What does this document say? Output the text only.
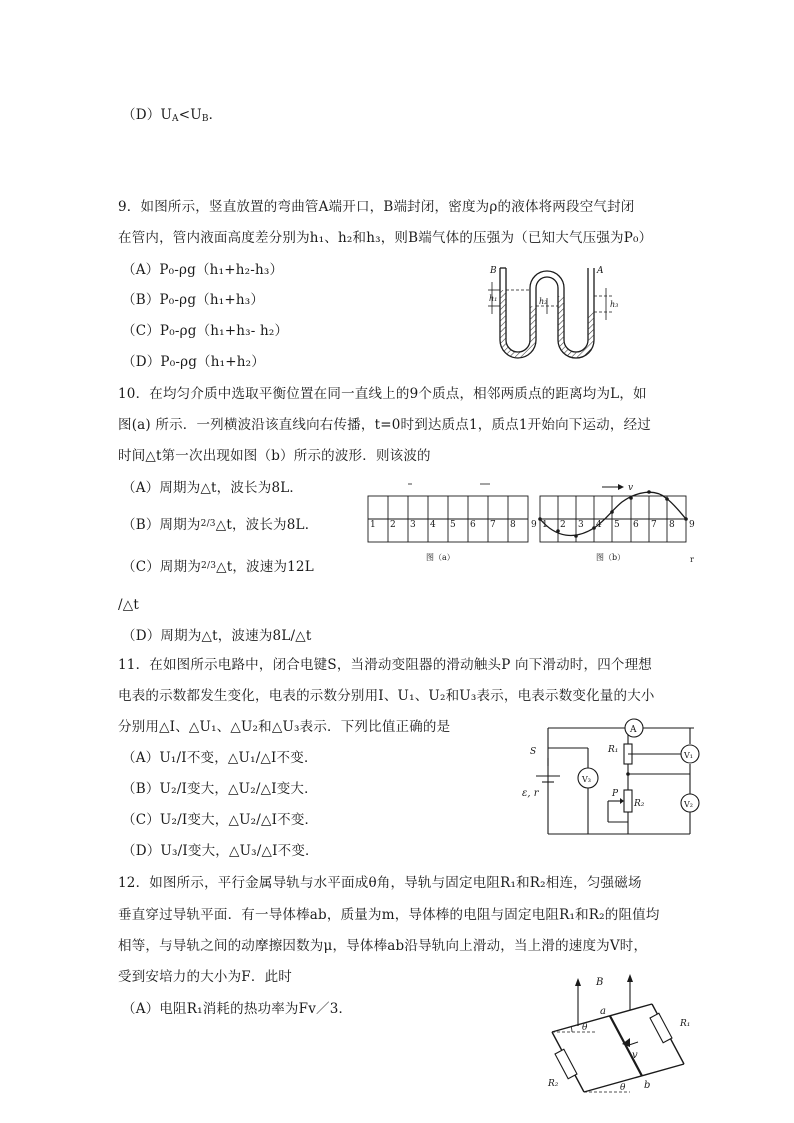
$(D)U_A<U_B$．

9．如图所示，竖直放置的弯曲管A端开口，B端封闭，密度为ρ的液体将两段空气封闭

在管内，管内液面高度差分别为h₁、h₂和h₃，则B端气体的压强为（已知大气压强为P₀）

（A）P₀-ρg（h₁+h₂-h₃）

（B）P₀-ρg（h₁+h₃）

（C）P₀-ρg（h₁+h₃- h₂）

（D）P₀-ρg（h₁+h₂）

B	A
h₁	h₂	h₃

10．在均匀介质中选取平衡位置在同一直线上的9个质点，相邻两质点的距离均为L，如

图(a) 所示．一列横波沿该直线向右传播，t=0时到达质点1，质点1开始向下运动，经过

时间△t第一次出现如图（b）所示的波形．则该波的

（A）周期为△t，波长为8L．

（B）周期为$^{2/3}$△t，波长为8L．

（C）周期为$^{2/3}$△t，波速为12L

/△t

（D）周期为△t，波速为8L/△t

1 2 3 4 5 6 7 8 9
图（a）
1 2 3 4 5 6 7 8 9
v
图（b）	r

11．在如图所示电路中，闭合电键S，当滑动变阻器的滑动触头P 向下滑动时，四个理想

电表的示数都发生变化，电表的示数分别用I、U₁、U₂和U₃表示，电表示数变化量的大小

分别用△I、△U₁、△U₂和△U₃表示．下列比值正确的是

（A）U₁/I不变，△U₁/△I不变．

（B）U₂/I变大，△U₂/△I变大．

（C）U₂/I变大，△U₂/△I不变．

（D）U₃/I变大，△U₃/△I不变．

A
V₁
V₂
V₃
R₁
R₂
S
P
ε, r

12．如图所示，平行金属导轨与水平面成θ角，导轨与固定电阻R₁和R₂相连，匀强磁场

垂直穿过导轨平面．有一导体棒ab，质量为m，导体棒的电阻与固定电阻R₁和R₂的阻值均

相等，与导轨之间的动摩擦因数为μ，导体棒ab沿导轨向上滑动，当上滑的速度为V时，

受到安培力的大小为F．此时

（A）电阻R₁消耗的热功率为Fv／3．

B
a
b
v
R₁
R₂
θ
θ
